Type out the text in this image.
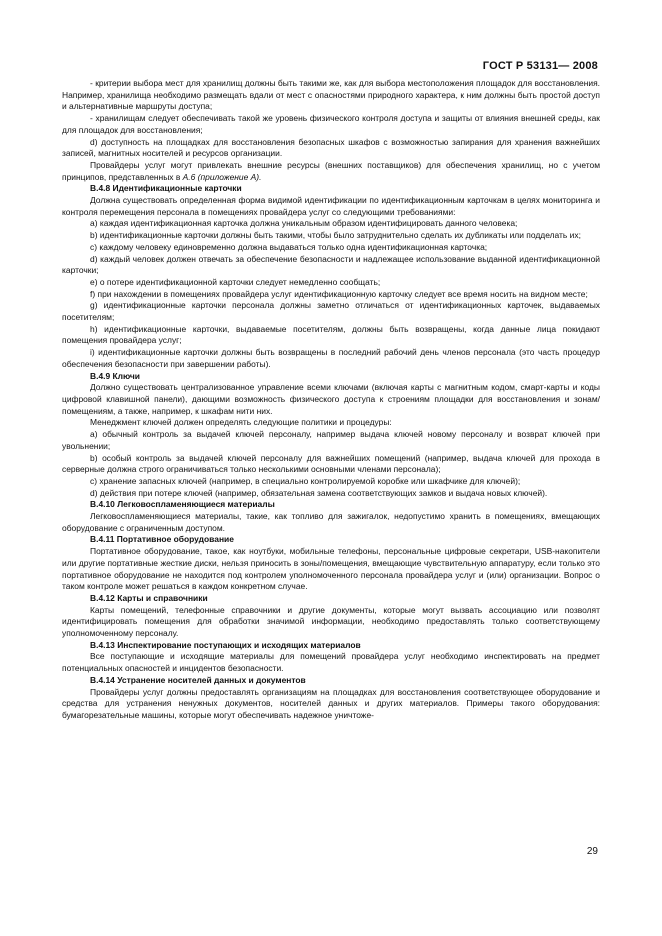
ГОСТ Р 53131— 2008

- критерии выбора мест для хранилищ должны быть такими же, как для выбора местоположения площадок для восстановления. Например, хранилища необходимо размещать вдали от мест с опасностями природного характера, к ним должны быть простой доступ и альтернативные маршруты доступа;

- хранилищам следует обеспечивать такой же уровень физического контроля доступа и защиты от влияния внешней среды, как для площадок для восстановления;

d) доступность на площадках для восстановления безопасных шкафов с возможностью запирания для хранения важнейших записей, магнитных носителей и ресурсов организации.

Провайдеры услуг могут привлекать внешние ресурсы (внешних поставщиков) для обеспечения хранилищ, но с учетом принципов, представленных в А.6 (приложение А).

В.4.8 Идентификационные карточки

Должна существовать определенная форма видимой идентификации по идентификационным карточкам в целях мониторинга и контроля перемещения персонала в помещениях провайдера услуг со следующими требованиями:

а) каждая идентификационная карточка должна уникальным образом идентифицировать данного человека;

b) идентификационные карточки должны быть такими, чтобы было затруднительно сделать их дубликаты или подделать их;

c) каждому человеку единовременно должна выдаваться только одна идентификационная карточка;

d) каждый человек должен отвечать за обеспечение безопасности и надлежащее использование выданной идентификационной карточки;

e) о потере идентификационной карточки следует немедленно сообщать;

f) при нахождении в помещениях провайдера услуг идентификационную карточку следует все время носить на видном месте;

g) идентификационные карточки персонала должны заметно отличаться от идентификационных карточек, выдаваемых посетителям;

h) идентификационные карточки, выдаваемые посетителям, должны быть возвращены, когда данные лица покидают помещения провайдера услуг;

i) идентификационные карточки должны быть возвращены в последний рабочий день членов персонала (это часть процедур обеспечения безопасности при завершении работы).

В.4.9 Ключи

Должно существовать централизованное управление всеми ключами (включая карты с магнитным кодом, смарт-карты и коды цифровой клавишной панели), дающими возможность физического доступа к строениям площадки для восстановления и зонам/помещениям, а также, например, к шкафам нити них.

Менеджмент ключей должен определять следующие политики и процедуры:

а) обычный контроль за выдачей ключей персоналу, например выдача ключей новому персоналу и возврат ключей при увольнении;

b) особый контроль за выдачей ключей персоналу для важнейших помещений (например, выдача ключей для прохода в серверные должна строго ограничиваться только несколькими основными членами персонала);

c) хранение запасных ключей (например, в специально контролируемой коробке или шкафчике для ключей);

d) действия при потере ключей (например, обязательная замена соответствующих замков и выдача новых ключей).

В.4.10 Легковоспламеняющиеся материалы

Легковоспламеняющиеся материалы, такие, как топливо для зажигалок, недопустимо хранить в помещениях, вмещающих оборудование с ограниченным доступом.

В.4.11 Портативное оборудование

Портативное оборудование, такое, как ноутбуки, мобильные телефоны, персональные цифровые секретари, USB-накопители или другие портативные жесткие диски, нельзя приносить в зоны/помещения, вмещающие чувствительную аппаратуру, если только это портативное оборудование не находится под контролем уполномоченного персонала провайдера услуг и (или) организации. Вопрос о таком контроле может решаться в каждом конкретном случае.

В.4.12 Карты и справочники

Карты помещений, телефонные справочники и другие документы, которые могут вызвать ассоциацию или позволят идентифицировать помещения для обработки значимой информации, необходимо предоставлять только соответствующему уполномоченному персоналу.

В.4.13 Инспектирование поступающих и исходящих материалов

Все поступающие и исходящие материалы для помещений провайдера услуг необходимо инспектировать на предмет потенциальных опасностей и инцидентов безопасности.

В.4.14 Устранение носителей данных и документов

Провайдеры услуг должны предоставлять организациям на площадках для восстановления соответствующее оборудование и средства для устранения ненужных документов, носителей данных и других материалов. Примеры такого оборудования: бумагорезательные машины, которые могут обеспечивать надежное уничтоже-

29
